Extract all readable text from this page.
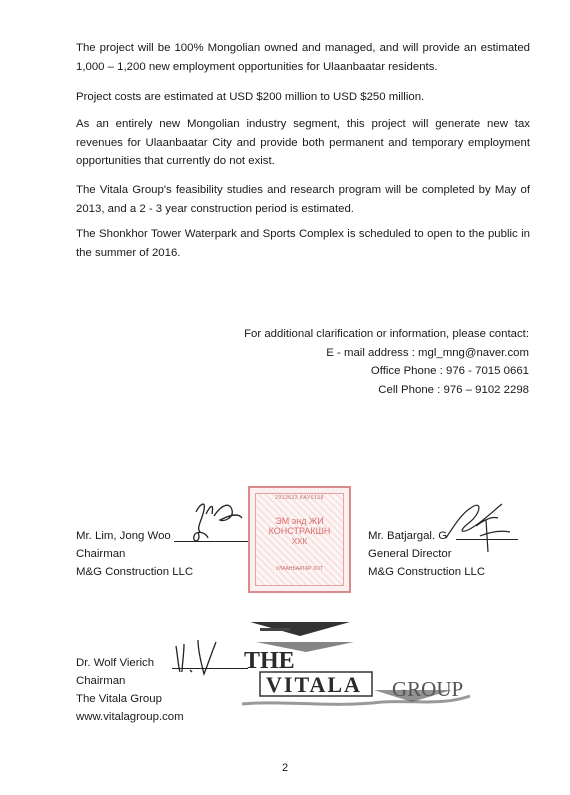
The project will be 100% Mongolian owned and managed, and will provide an estimated 1,000 – 1,200 new employment opportunities for Ulaanbaatar residents.

Project costs are estimated at USD $200 million to USD $250 million.

As an entirely new Mongolian industry segment, this project will generate new tax revenues for Ulaanbaatar City and provide both permanent and temporary employment opportunities that currently do not exist.

The Vitala Group's feasibility studies and research program will be completed by May of 2013, and a 2 - 3 year construction period is estimated.

The Shonkhor Tower Waterpark and Sports Complex is scheduled to open to the public in the summer of 2016.

For additional clarification or information, please contact:
E - mail address : mgl_mng@naver.com
Office Phone : 976 - 7015 0661
Cell Phone : 976 – 9102 2298
Mr. Lim, Jong Woo
Chairman
M&G Construction LLC
2923632 КАУ0128
ЭМ энд ЖИ
КОНСТРАКШН
ХХК
УЛААНБААТАР ХОТ
Mr. Batjargal. G
General Director
M&G Construction LLC
THE
VITALA GROUP
Dr. Wolf Vierich
Chairman
The Vitala Group
www.vitalagroup.com
2
